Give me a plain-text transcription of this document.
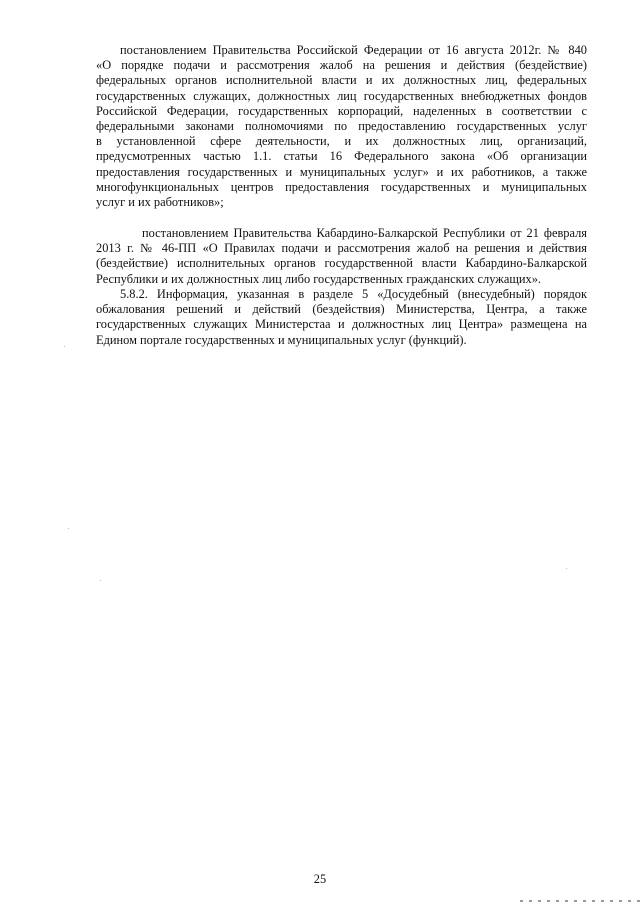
постановлением Правительства Российской Федерации от 16 августа 2012г. № 840
«О порядке подачи и рассмотрения жалоб на решения и действия (бездействие)
федеральных органов исполнительной власти и их должностных лиц, федеральных
государственных служащих, должностных лиц государственных внебюджетных фондов
Российской Федерации, государственных корпораций, наделенных в соответствии с
федеральными законами полномочиями по предоставлению государственных услуг
в установленной сфере деятельности, и их должностных лиц, организаций,
предусмотренных частью 1.1. статьи 16 Федерального закона «Об организации
предоставления государственных и муниципальных услуг» и их работников, а также
многофункциональных центров предоставления государственных и муниципальных
услуг и их работников»;
постановлением Правительства Кабардино-Балкарской Республики от 21 февраля
2013 г. № 46-ПП «О Правилах подачи и рассмотрения жалоб на решения и действия
(бездействие) исполнительных органов государственной власти Кабардино-Балкарской
Республики и их должностных лиц либо государственных гражданских служащих».
5.8.2. Информация, указанная в разделе 5 «Досудебный (внесудебный) порядок
обжалования решений и действий (бездействия) Министерства, Центра, а также
государственных служащих Министерстаа и должностных лиц Центра» размещена на
Едином портале государственных и муниципальных услуг (функций).
25
